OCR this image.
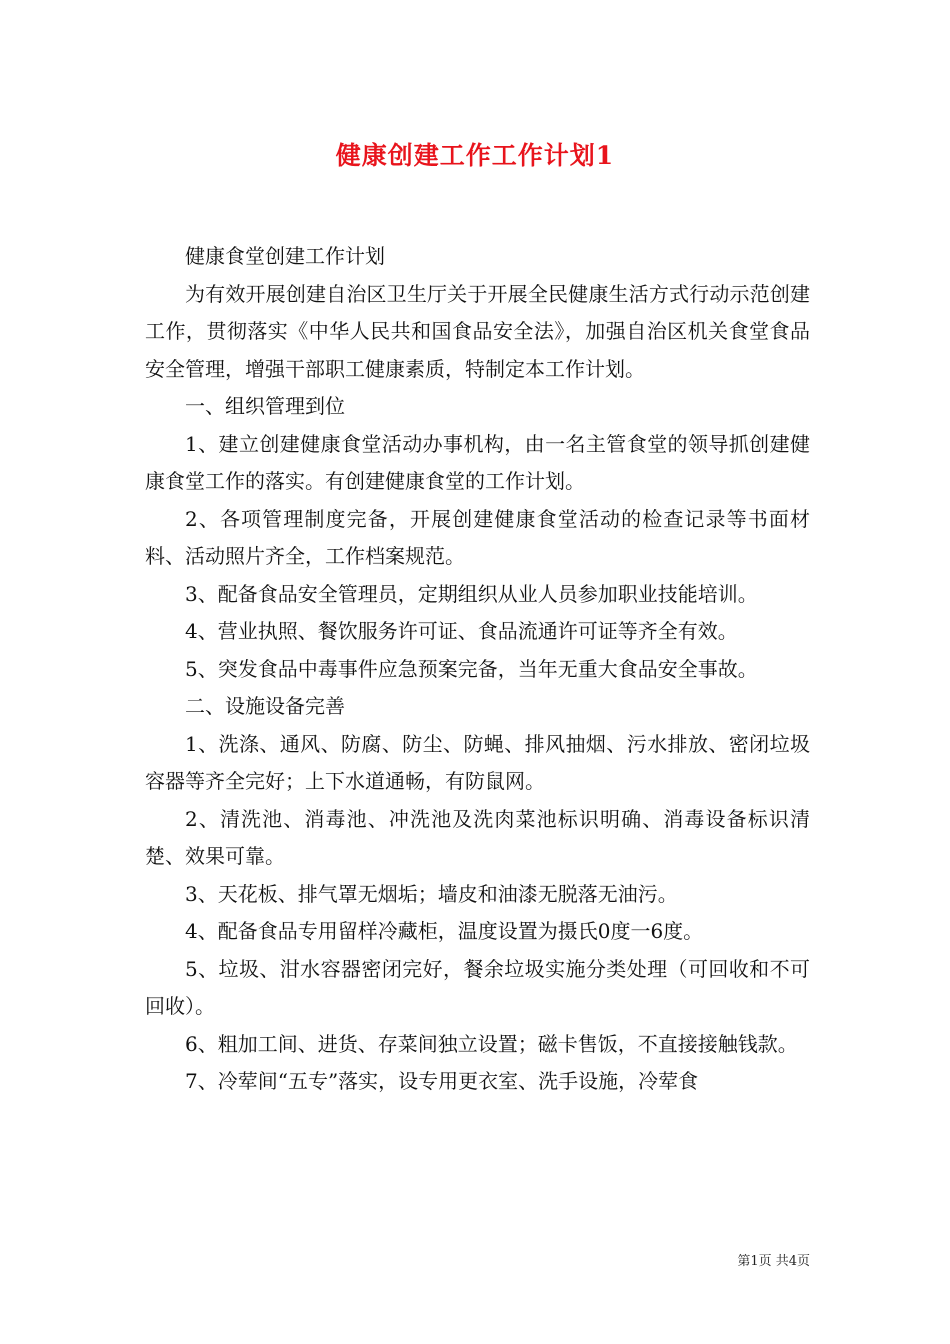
健康创建工作工作计划1

健康食堂创建工作计划

为有效开展创建自治区卫生厅关于开展全民健康生活方式行动示范创建工作，贯彻落实《中华人民共和国食品安全法》，加强自治区机关食堂食品安全管理，增强干部职工健康素质，特制定本工作计划。

一、组织管理到位

1、建立创建健康食堂活动办事机构，由一名主管食堂的领导抓创建健康食堂工作的落实。有创建健康食堂的工作计划。

2、各项管理制度完备，开展创建健康食堂活动的检查记录等书面材料、活动照片齐全，工作档案规范。

3、配备食品安全管理员，定期组织从业人员参加职业技能培训。

4、营业执照、餐饮服务许可证、食品流通许可证等齐全有效。

5、突发食品中毒事件应急预案完备，当年无重大食品安全事故。

二、设施设备完善

1、洗涤、通风、防腐、防尘、防蝇、排风抽烟、污水排放、密闭垃圾容器等齐全完好；上下水道通畅，有防鼠网。

2、清洗池、消毒池、冲洗池及洗肉菜池标识明确、消毒设备标识清楚、效果可靠。

3、天花板、排气罩无烟垢；墙皮和油漆无脱落无油污。

4、配备食品专用留样冷藏柜，温度设置为摄氏0度一6度。

5、垃圾、泔水容器密闭完好，餐余垃圾实施分类处理（可回收和不可回收）。

6、粗加工间、进货、存菜间独立设置；磁卡售饭，不直接接触钱款。

7、冷荤间“五专”落实，设专用更衣室、洗手设施，冷荤食

第1页 共4页
